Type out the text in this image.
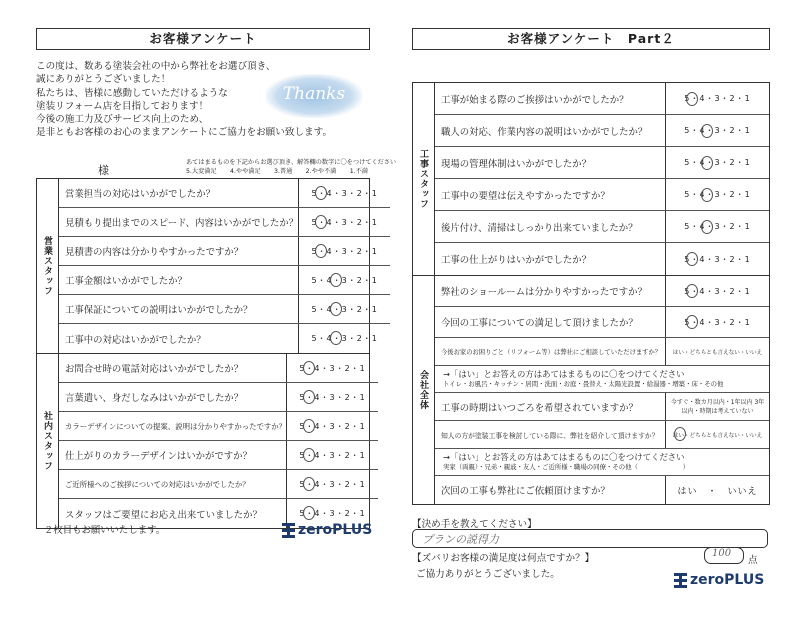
お客様アンケート

この度は、数ある塗装会社の中から弊社をお選び頂き、

誠にありがとうございました！

私たちは、皆様に感動していただけるような

塗装リフォーム店を目指しております！

今後の施工力及びサービス向上のため、

是非ともお客様のお心のままアンケートにご協力をお願い致します。

Thanks
様
あてはまるものを下記からお選び頂き、解答欄の数字に〇をつけてください
5.大変満足 4.やや満足 3.普通 2.やや不満 1.不満
営業スタッフ
営業担当の対応はいかがでしたか？	5・4・3・2・1
見積もり提出までのスピード、内容はいかがでしたか？ 5・4・3・2・1
見積書の内容は分かりやすかったですか？	5・4・3・2・1
工事金額はいかがでしたか？	5・4・3・2・1
工事保証についての説明はいかがでしたか？	5・4・3・2・1
工事中の対応はいかがでしたか？	5・4・3・2・1
社内スタッフ
お問合せ時の電話対応はいかがでしたか？	5・4・3・2・1
言葉遣い、身だしなみはいかがでしたか？	5・4・3・2・1
カラーデザインについての提案、説明は分かりやすかったですか？ 5・4・3・2・1
仕上がりのカラーデザインはいかがですか？	5・4・3・2・1
ご近所様へのご挨拶についての対応はいかがでしたか？	5・4・3・2・1
スタッフはご要望にお応え出来ていましたか？	5・4・3・2・1
２枚目もお願いいたします。	zeroPLUS
お客様アンケート　Part２
工事スタッフ
工事が始まる際のご挨拶はいかがでしたか？	5・4・3・2・1
職人の対応、作業内容の説明はいかがでしたか？	5・4・3・2・1
現場の管理体制はいかがでしたか？	5・4・3・2・1
工事中の要望は伝えやすかったですか？	5・4・3・2・1
後片付け、清掃はしっかり出来ていましたか？	5・4・3・2・1
工事の仕上がりはいかがでしたか？	5・4・3・2・1
会社全体
弊社のショールームは分かりやすかったですか？	5・4・3・2・1
今回の工事についての満足して頂けましたか？	5・4・3・2・1
今後お家のお困りごと（リフォーム等）は弊社にご相談していただけますか？	はい・どちらとも言えない・いいえ
→「はい」とお答えの方はあてはまるものに〇をつけてください
トイレ・お風呂・キッチン・居間・洗面・お庭・畳替え・太陽光設置・給湯器・増築・床・その他
工事の時期はいつごろを希望されていますか？
今すぐ・数カ月以内・1年以内 3年以内・時期は考えていない
知人の方が塗装工事を検討している際に、弊社を紹介して頂けますか？	はい・どちらとも言えない・いいえ
→「はい」とお答えの方はあてはまるものに〇をつけてください
実家（両親）・兄弟・親戚・友人・ご近所様・職場の同僚・その他（　　　　　　　）
次回の工事も弊社にご依頼頂けますか？	はい　・　いいえ
【決め手を教えてください】
プランの説得力
【ズバリお客様の満足度は何点ですか？】	100
点
ご協力ありがとうございました。	zeroPLUS
